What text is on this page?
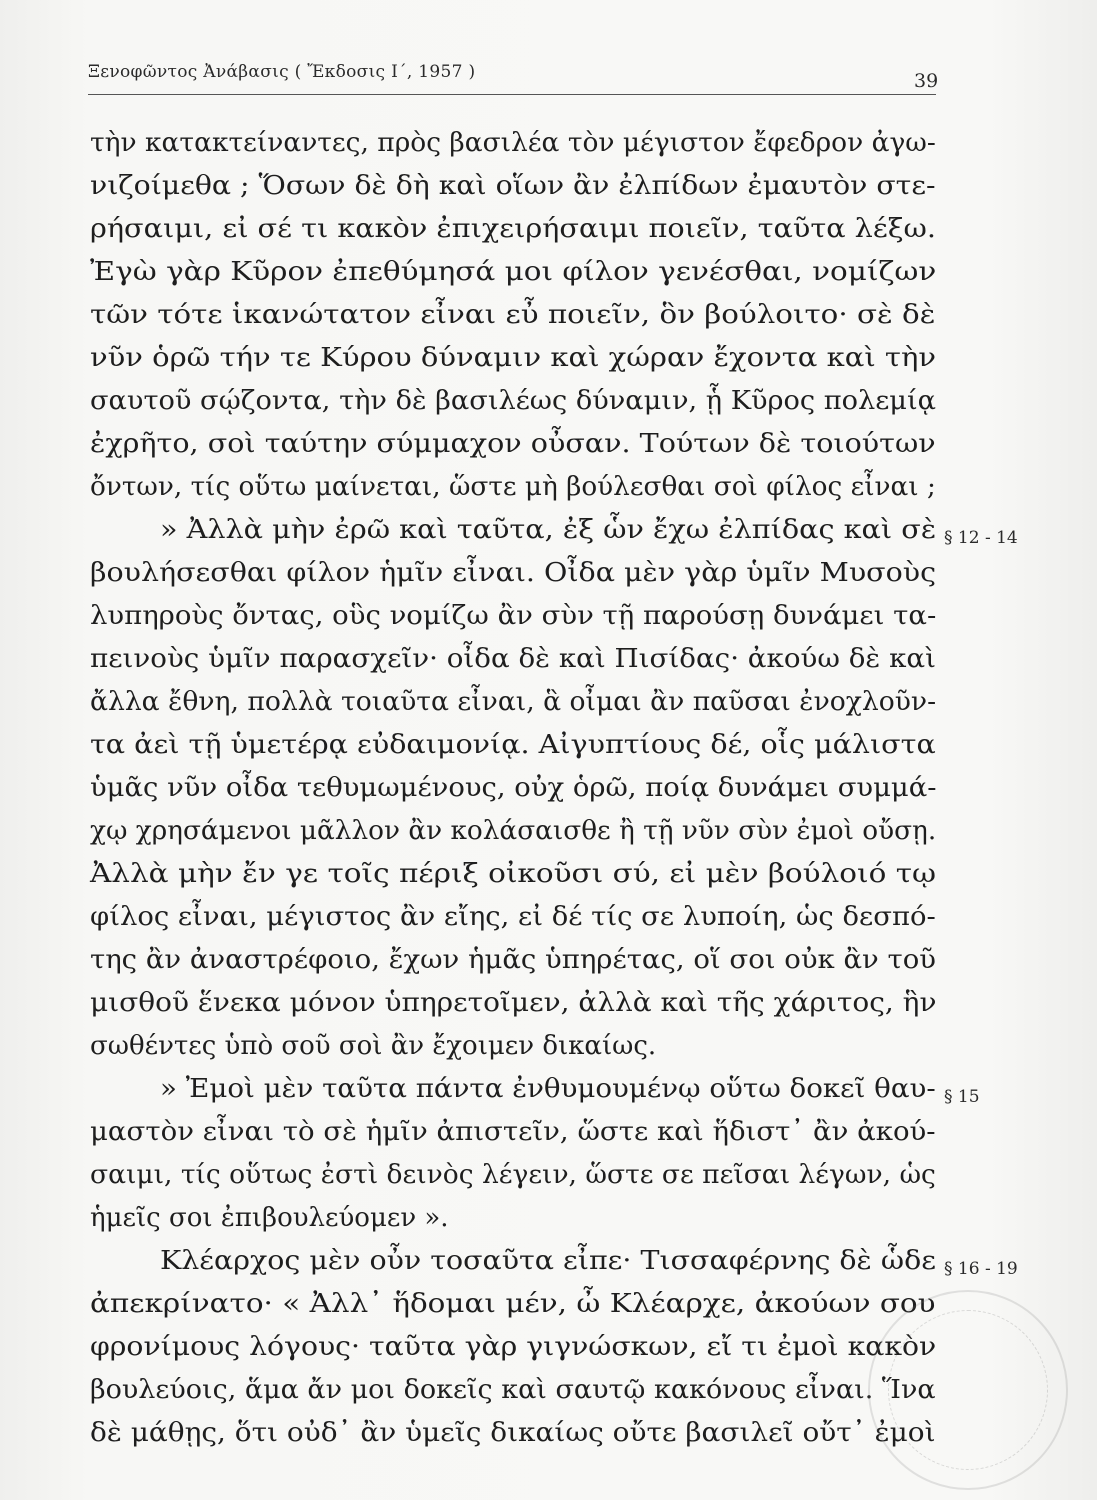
Ξενοφῶντος Ἀνάβασις ( Ἔκδοσις Ι΄, 1957 )	39
τὴν κατακτείναντες, πρὸς βασιλέα τὸν μέγιστον ἔφεδρον ἀγω-
νιζοίμεθα ; Ὅσων δὲ δὴ καὶ οἵων ἂν ἐλπίδων ἐμαυτὸν στε-
ρήσαιμι, εἰ σέ τι κακὸν ἐπιχειρήσαιμι ποιεῖν, ταῦτα λέξω.
Ἐγὼ γὰρ Κῦρον ἐπεθύμησά μοι φίλον γενέσθαι, νομίζων
τῶν τότε ἱκανώτατον εἶναι εὖ ποιεῖν, ὃν βούλοιτο· σὲ δὲ
νῦν ὁρῶ τήν τε Κύρου δύναμιν καὶ χώραν ἔχοντα καὶ τὴν
σαυτοῦ σῴζοντα, τὴν δὲ βασιλέως δύναμιν, ᾗ Κῦρος πολεμίᾳ
ἐχρῆτο, σοὶ ταύτην σύμμαχον οὖσαν. Τούτων δὲ τοιούτων
ὄντων, τίς οὕτω μαίνεται, ὥστε μὴ βούλεσθαι σοὶ φίλος εἶναι ;
» Ἀλλὰ μὴν ἐρῶ καὶ ταῦτα, ἐξ ὧν ἔχω ἐλπίδας καὶ σὲ
βουλήσεσθαι φίλον ἡμῖν εἶναι. Οἶδα μὲν γὰρ ὑμῖν Μυσοὺς
λυπηροὺς ὄντας, οὓς νομίζω ἂν σὺν τῇ παρούσῃ δυνάμει τα-
πεινοὺς ὑμῖν παρασχεῖν· οἶδα δὲ καὶ Πισίδας· ἀκούω δὲ καὶ
ἄλλα ἔθνη, πολλὰ τοιαῦτα εἶναι, ἃ οἶμαι ἂν παῦσαι ἐνοχλοῦν-
τα ἀεὶ τῇ ὑμετέρᾳ εὐδαιμονίᾳ. Αἰγυπτίους δέ, οἷς μάλιστα
ὑμᾶς νῦν οἶδα τεθυμωμένους, οὐχ ὁρῶ, ποίᾳ δυνάμει συμμά-
χῳ χρησάμενοι μᾶλλον ἂν κολάσαισθε ἢ τῇ νῦν σὺν ἐμοὶ οὔσῃ.
Ἀλλὰ μὴν ἔν γε τοῖς πέριξ οἰκοῦσι σύ, εἰ μὲν βούλοιό τῳ
φίλος εἶναι, μέγιστος ἂν εἴης, εἰ δέ τίς σε λυποίη, ὡς δεσπό-
της ἂν ἀναστρέφοιο, ἔχων ἡμᾶς ὑπηρέτας, οἵ σοι οὐκ ἂν τοῦ
μισθοῦ ἕνεκα μόνον ὑπηρετοῖμεν, ἀλλὰ καὶ τῆς χάριτος, ἣν
σωθέντες ὑπὸ σοῦ σοὶ ἂν ἔχοιμεν δικαίως.
» Ἐμοὶ μὲν ταῦτα πάντα ἐνθυμουμένῳ οὕτω δοκεῖ θαυ-
μαστὸν εἶναι τὸ σὲ ἡμῖν ἀπιστεῖν, ὥστε καὶ ἥδιστ᾽ ἂν ἀκού-
σαιμι, τίς οὕτως ἐστὶ δεινὸς λέγειν, ὥστε σε πεῖσαι λέγων, ὡς
ἡμεῖς σοι ἐπιβουλεύομεν ».
Κλέαρχος μὲν οὖν τοσαῦτα εἶπε· Τισσαφέρνης δὲ ὧδε
ἀπεκρίνατο· « Ἀλλ᾽ ἥδομαι μέν, ὦ Κλέαρχε, ἀκούων σου
φρονίμους λόγους· ταῦτα γὰρ γιγνώσκων, εἴ τι ἐμοὶ κακὸν
βουλεύοις, ἅμα ἄν μοι δοκεῖς καὶ σαυτῷ κακόνους εἶναι. Ἵνα
δὲ μάθῃς, ὅτι οὐδ᾽ ἂν ὑμεῖς δικαίως οὔτε βασιλεῖ οὔτ᾽ ἐμοὶ
§ 12 - 14
§ 15
§ 16 - 19
